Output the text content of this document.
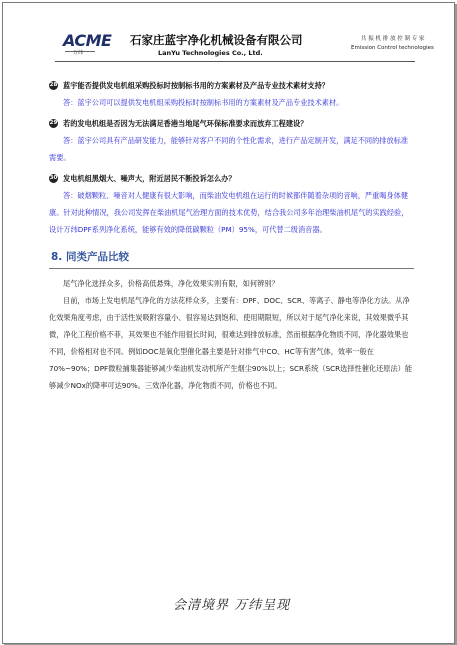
ACME
万纬
石家庄蓝宇净化机械设备有限公司
LanYu Technologies Co., Ltd.
共 振 机 排 放 控 制 专 家
Emission Control technologies
28 蓝宇能否提供发电机组采购投标时按制标书用的方案素材及产品专业技术素材支持？
答：蓝宇公司可以提供发电机组采购投标时按制标书用的方案素材及产品专业技术素材。
29 若的发电机组是否因为无法满足香港当地尾气环保标准要求而放弃工程建设？
答：蓝宇公司具有产品研发能力，能够针对客户不同的个性化需求，进行产品定制开发，满足不同的排放标准需要。
30 发电机组黑烟大、噪声大，附近居民不断投诉怎么办？
答：破烟颗粒、噪音对人健康有很大影响，而柴油发电机组在运行的时候都伴随着杂项的音响，严重喝身体健康。针对此种情况，我公司发挥在柴油机尾气治理方面的技术优势，结合我公司多年治理柴油机尾气的实践经验，设计万纬DPF系列净化系统，能够有效的降低碳颗粒（PM）95%，可代替二级消音器。
8. 同类产品比较
尾气净化选择众多，价格高低悬殊，净化效果实则有限，如何辨别？
目前，市场上发电机尾气净化的方法花样众多，主要有：DPF、DOC、SCR、等离子、静电等净化方法。从净化效果角度考虑，由于活性炭吸附容量小、很容易达到饱和、使用期限短，所以对于尾气净化来说，其效果微乎其微，净化工程价格不菲，其效果也不能作用很长时间，很难达到排放标准，然而根据净化物质不同，净化器效果也不同，价格相对也不同。例如DOC是氧化型催化器主要是针对排气中CO、HC等有害气体，效率一般在70%~90%；DPF微粒捕集器能够减少柴油机发动机所产生烟尘90%以上；SCR系统（SCR选择性催化还原法）能够减少NOx的降率可达90%。三效净化器，净化物质不同，价格也不同。
会清境界 万纬呈现
